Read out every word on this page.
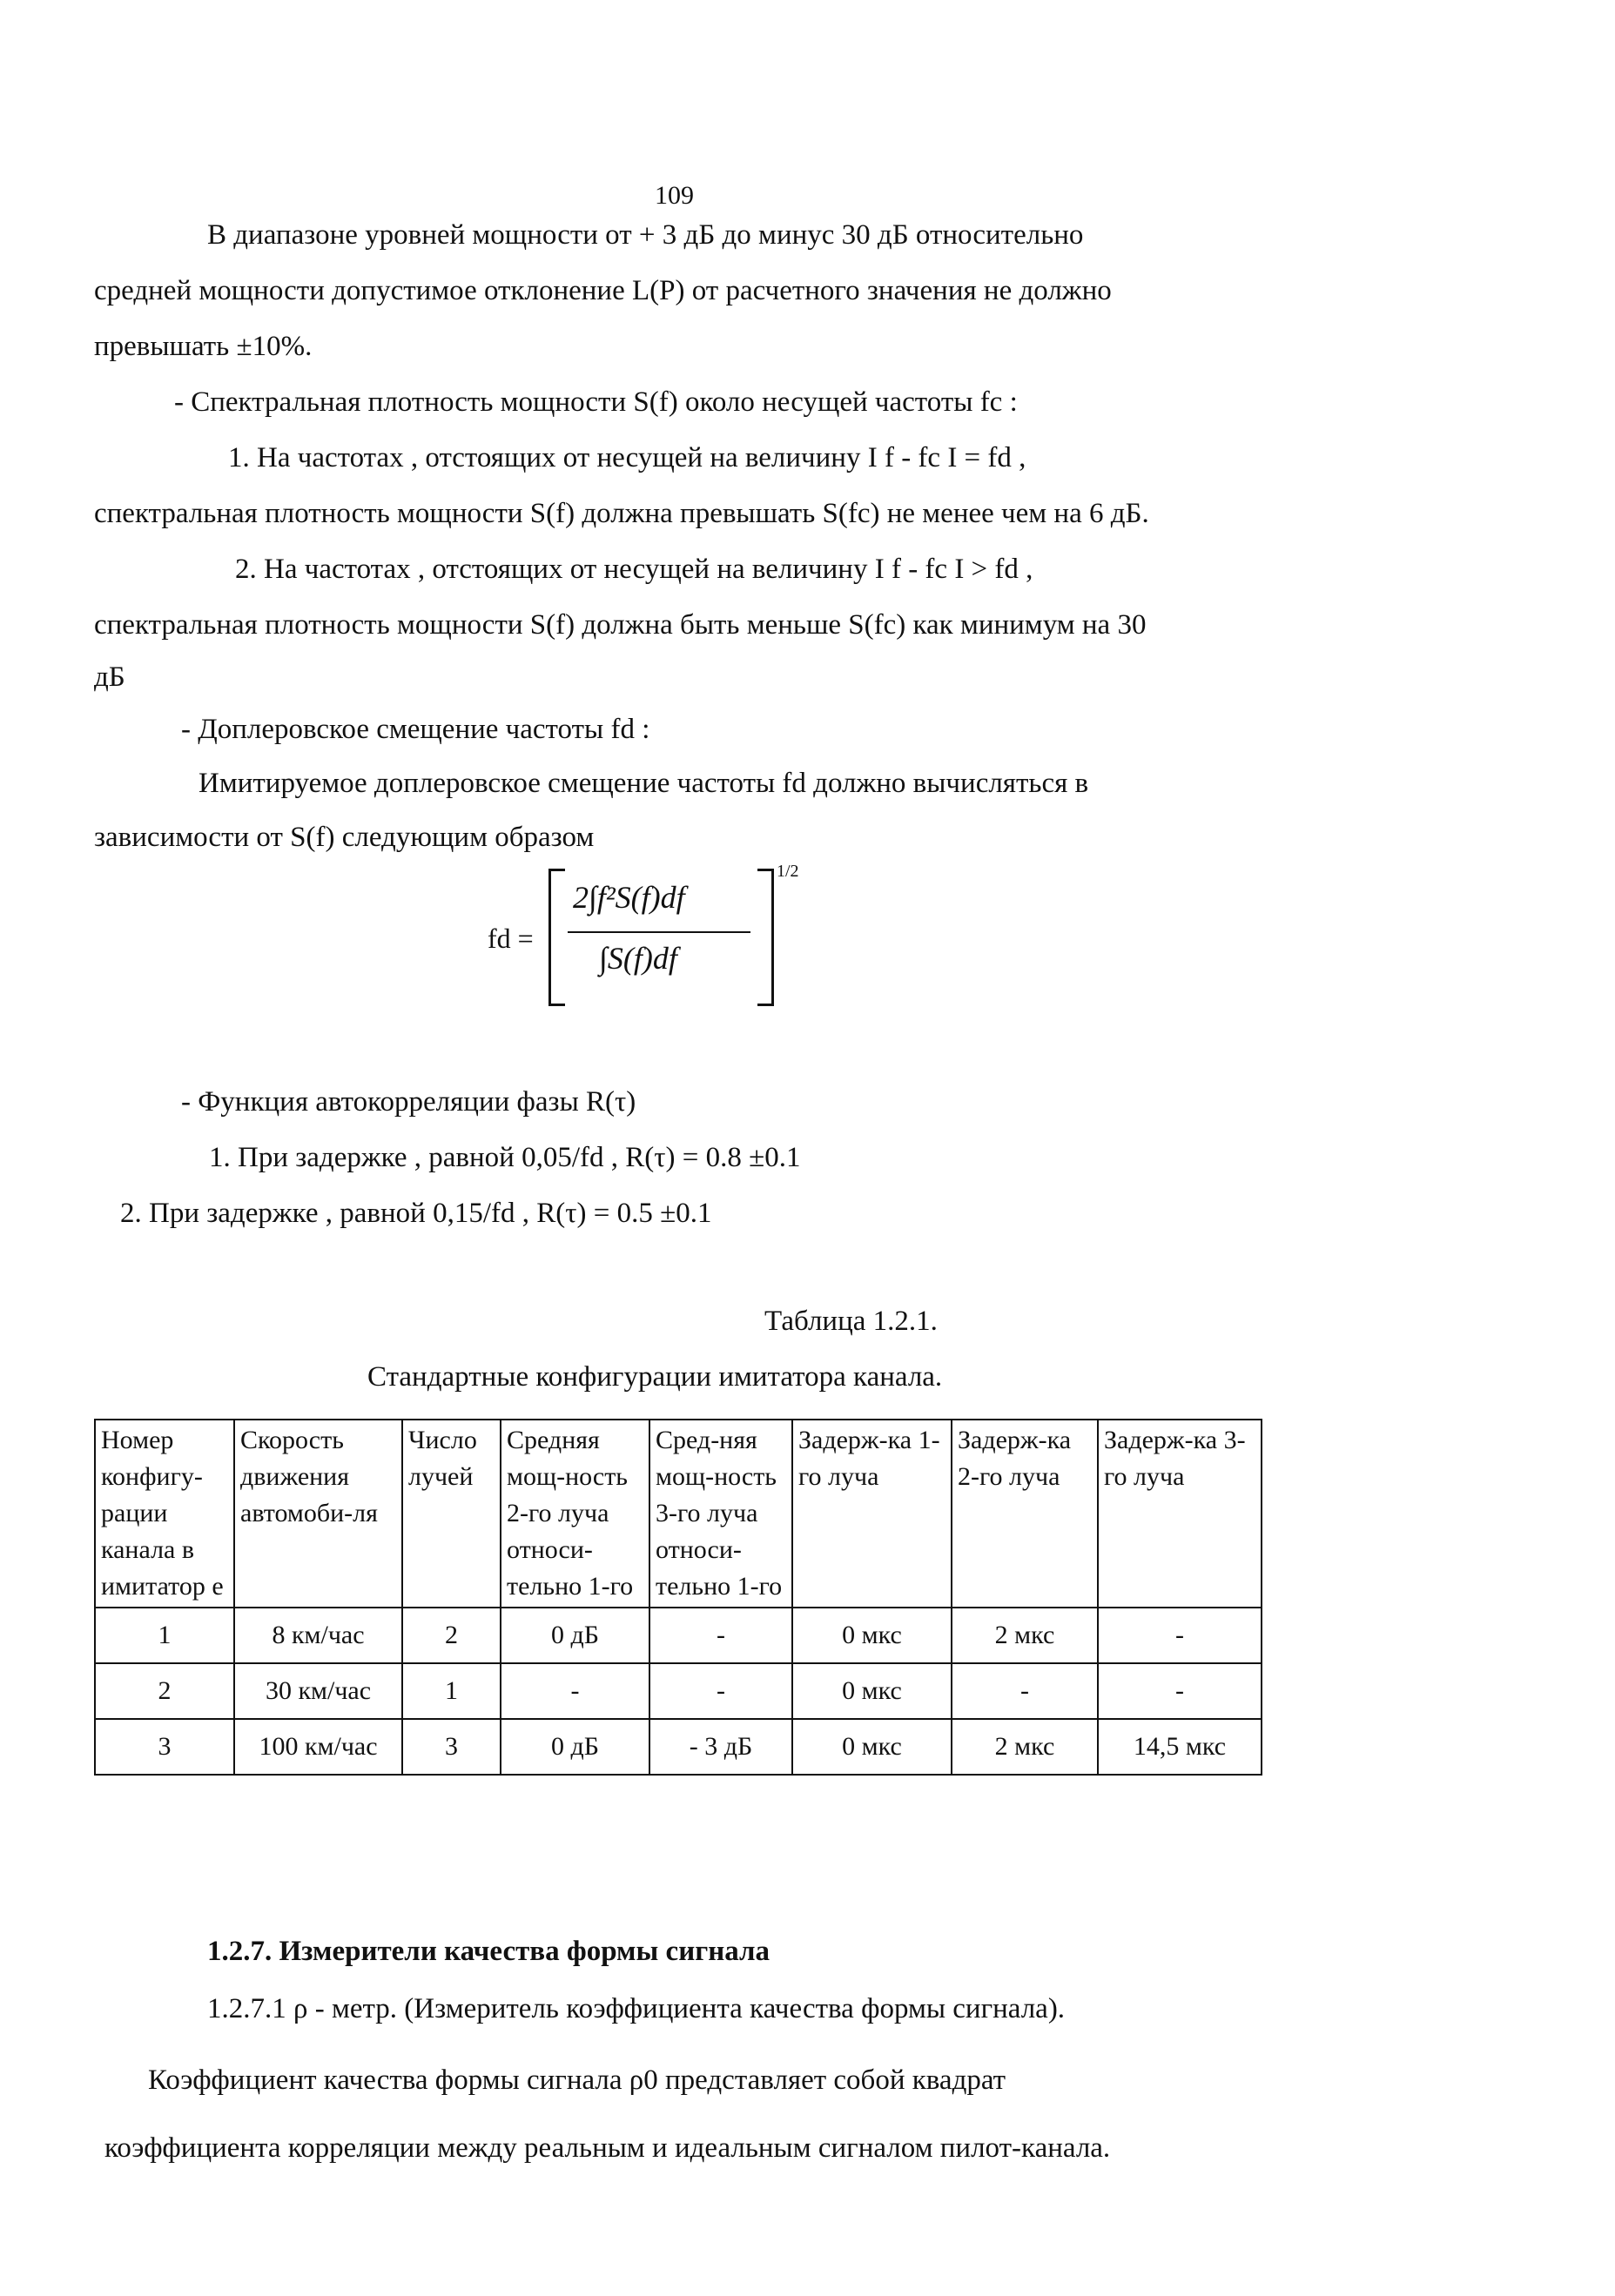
109
В диапазоне уровней мощности от + 3 дБ до минус 30 дБ относительно
средней мощности допустимое отклонение L(P) от расчетного значения не должно
превышать ±10%.
- Спектральная плотность мощности S(f) около несущей частоты fc :
1. На частотах , отстоящих от несущей на величину I f - fc I = fd ,
спектральная плотность мощности S(f) должна превышать S(fc) не менее чем на 6 дБ.
2. На частотах , отстоящих от несущей на величину I f - fc I > fd ,
спектральная плотность мощности S(f) должна быть меньше S(fc) как минимум на 30
дБ
- Доплеровское смещение частоты fd :
Имитируемое доплеровское смещение частоты fd должно вычисляться в
зависимости от S(f) следующим образом
fd =
2∫f²S(f)df
∫S(f)df
1/2
- Функция автокорреляции фазы R(τ)
1. При задержке , равной 0,05/fd , R(τ) = 0.8 ±0.1
2. При задержке , равной 0,15/fd , R(τ) = 0.5 ±0.1
Таблица 1.2.1.
Стандартные конфигурации имитатора канала.
Номер конфигу-рации канала в имитатор е	Скорость движения автомоби-ля	Число лучей	Средняя мощ-ность 2-го луча относи-тельно 1-го	Сред-няя мощ-ность 3-го луча относи-тельно 1-го	Задерж-ка 1-го луча	Задерж-ка 2-го луча	Задерж-ка 3-го луча
1	8 км/час	2	0 дБ	-	0 мкс	2 мкс	-
2	30 км/час	1	-	-	0 мкс	-	-
3	100 км/час	3	0 дБ	- 3 дБ	0 мкс	2 мкс	14,5 мкс
1.2.7. Измерители качества формы сигнала
1.2.7.1 ρ - метр. (Измеритель коэффициента качества формы сигнала).
Коэффициент качества формы сигнала ρ0 представляет собой квадрат
коэффициента корреляции между реальным и идеальным сигналом пилот-канала.
